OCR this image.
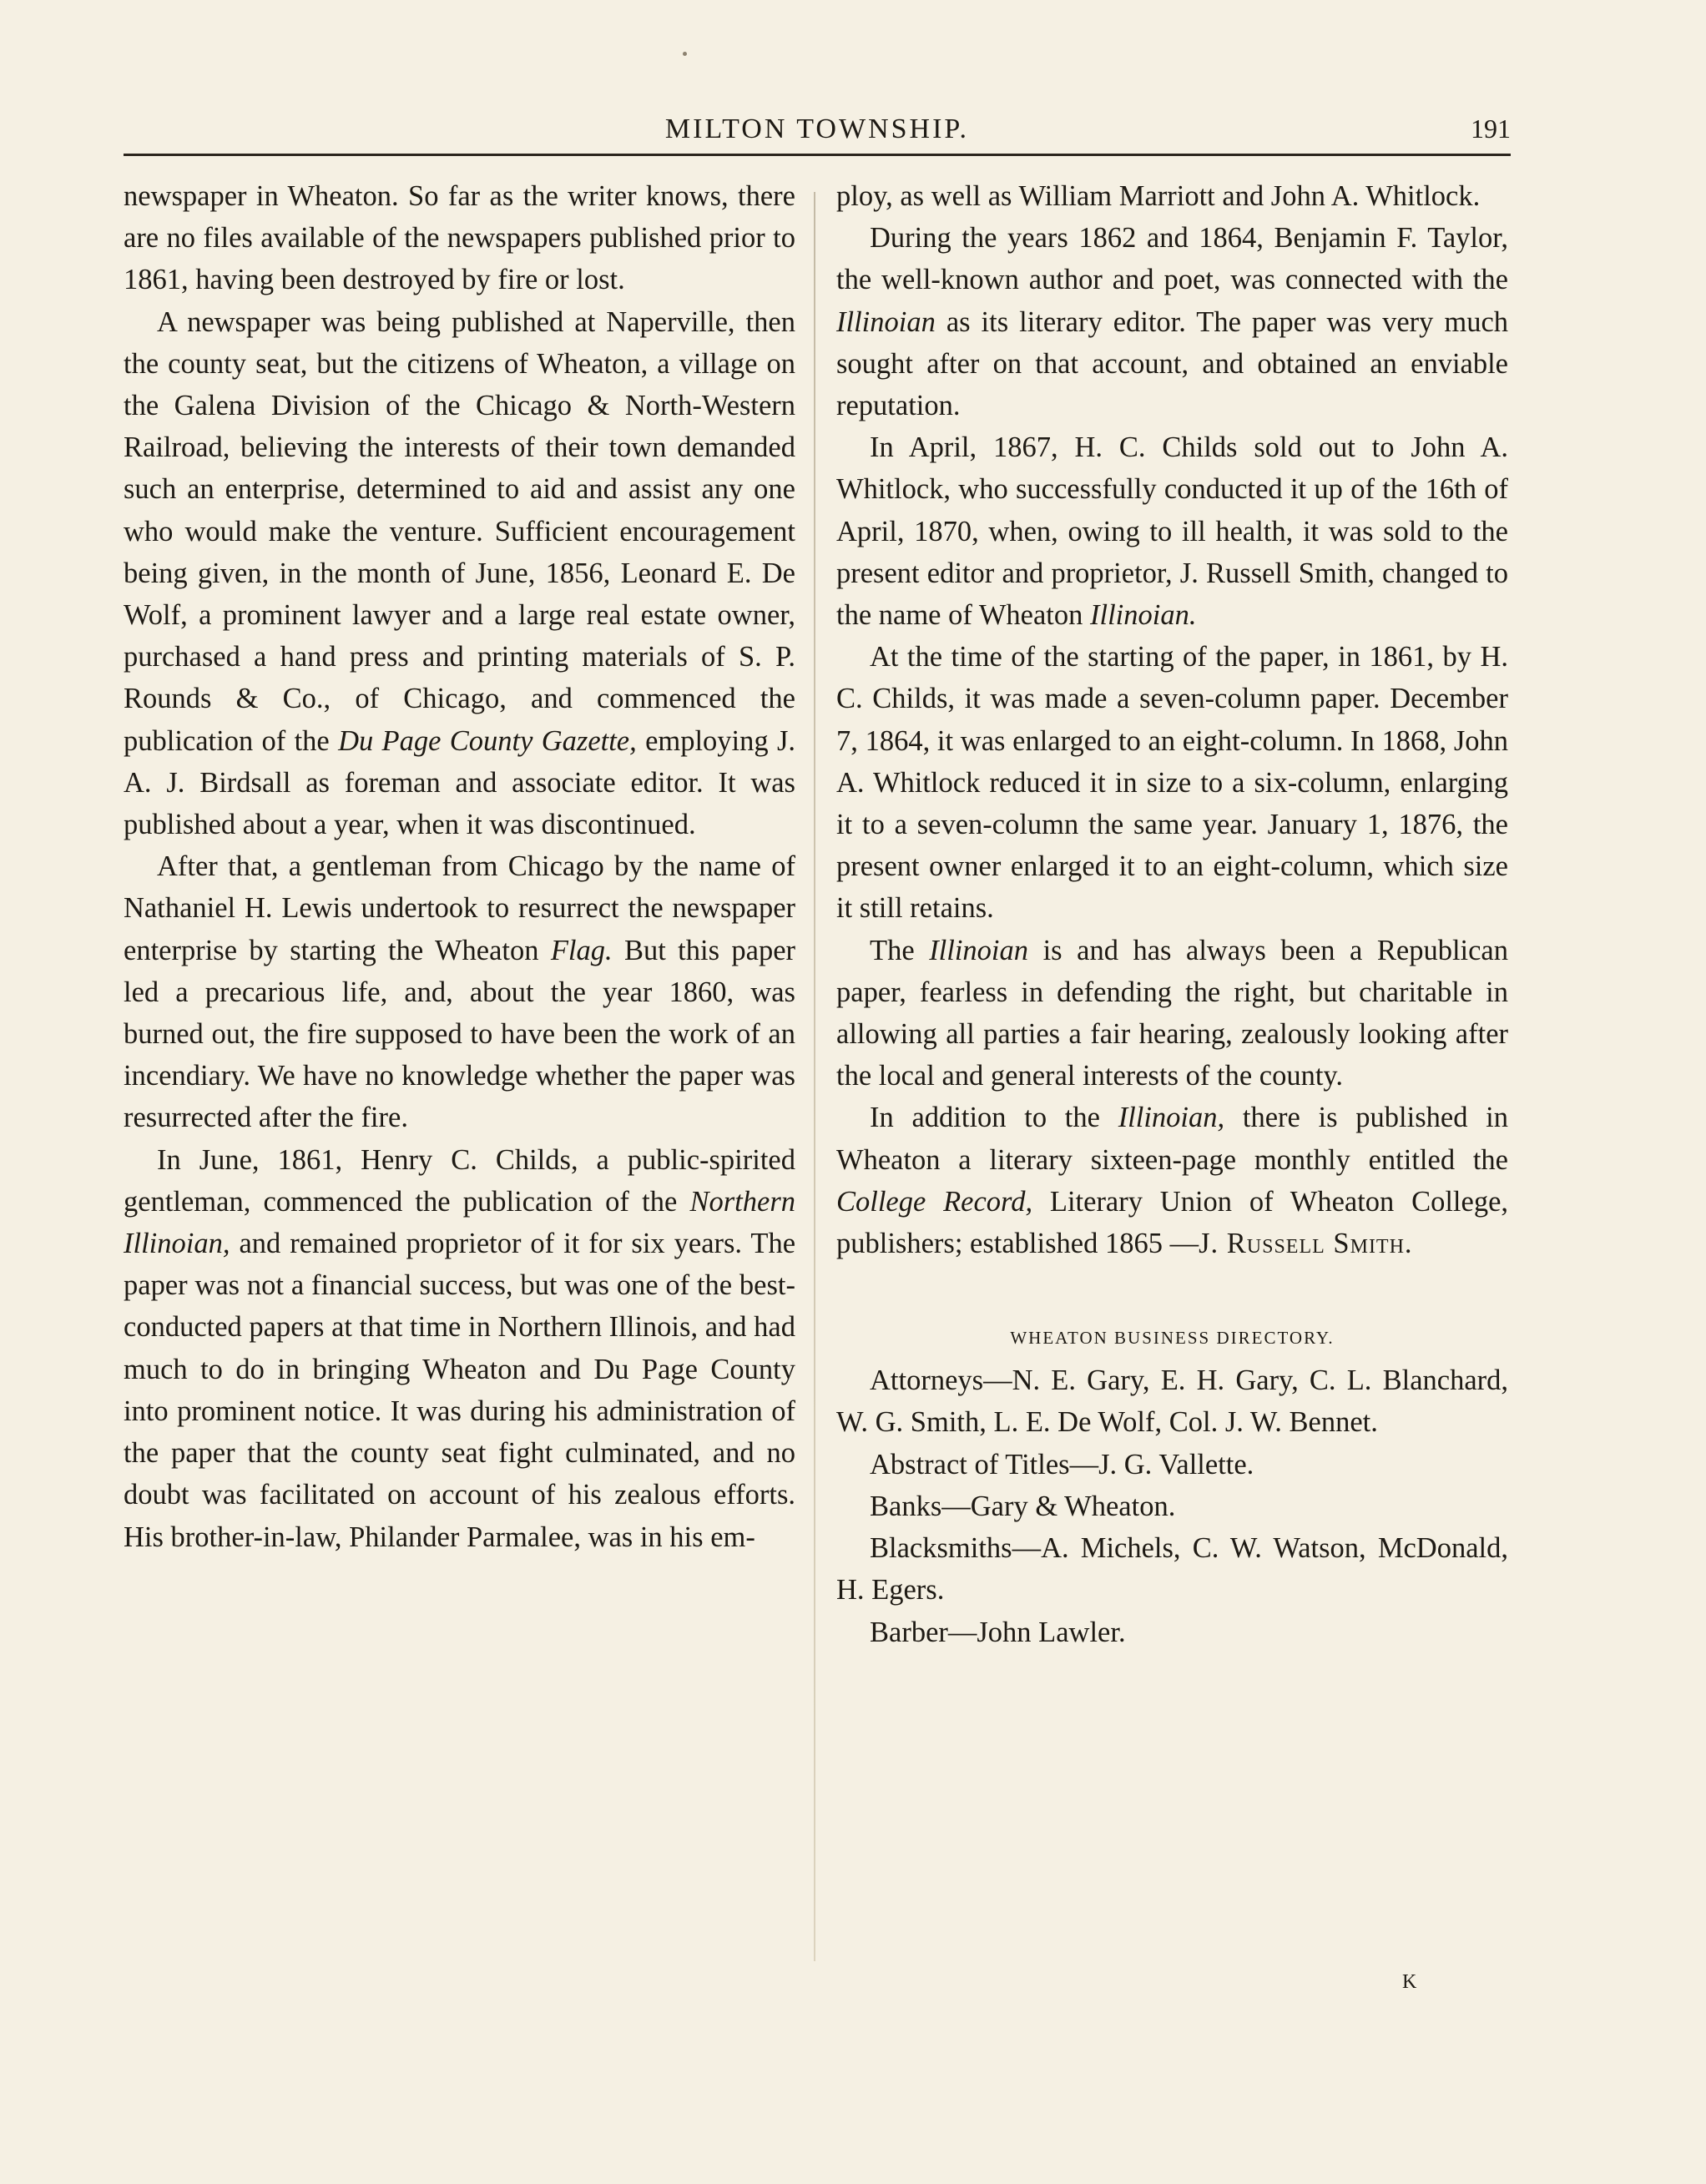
MILTON TOWNSHIP.	191

newspaper in Wheaton. So far as the writer knows, there are no files available of the newspapers published prior to 1861, having been destroyed by fire or lost.

A newspaper was being published at Naperville, then the county seat, but the citizens of Wheaton, a village on the Galena Division of the Chicago & North-Western Railroad, believing the interests of their town demanded such an enterprise, determined to aid and assist any one who would make the venture. Sufficient encouragement being given, in the month of June, 1856, Leonard E. De Wolf, a prominent lawyer and a large real estate owner, purchased a hand press and printing materials of S. P. Rounds & Co., of Chicago, and commenced the publication of the Du Page County Gazette, employing J. A. J. Birdsall as foreman and associate editor. It was published about a year, when it was discontinued.

After that, a gentleman from Chicago by the name of Nathaniel H. Lewis undertook to resurrect the newspaper enterprise by starting the Wheaton Flag. But this paper led a precarious life, and, about the year 1860, was burned out, the fire supposed to have been the work of an incendiary. We have no knowledge whether the paper was resurrected after the fire.

In June, 1861, Henry C. Childs, a public-spirited gentleman, commenced the publication of the Northern Illinoian, and remained proprietor of it for six years. The paper was not a financial success, but was one of the best-conducted papers at that time in Northern Illinois, and had much to do in bringing Wheaton and Du Page County into prominent notice. It was during his administration of the paper that the county seat fight culminated, and no doubt was facilitated on account of his zealous efforts. His brother-in-law, Philander Parmalee, was in his em-

ploy, as well as William Marriott and John A. Whitlock.

During the years 1862 and 1864, Benjamin F. Taylor, the well-known author and poet, was connected with the Illinoian as its literary editor. The paper was very much sought after on that account, and obtained an enviable reputation.

In April, 1867, H. C. Childs sold out to John A. Whitlock, who successfully conducted it up of the 16th of April, 1870, when, owing to ill health, it was sold to the present editor and proprietor, J. Russell Smith, changed to the name of Wheaton Illinoian.

At the time of the starting of the paper, in 1861, by H. C. Childs, it was made a seven-column paper. December 7, 1864, it was enlarged to an eight-column. In 1868, John A. Whitlock reduced it in size to a six-column, enlarging it to a seven-column the same year. January 1, 1876, the present owner enlarged it to an eight-column, which size it still retains.

The Illinoian is and has always been a Republican paper, fearless in defending the right, but charitable in allowing all parties a fair hearing, zealously looking after the local and general interests of the county.

In addition to the Illinoian, there is published in Wheaton a literary sixteen-page monthly entitled the College Record, Literary Union of Wheaton College, publishers; established 1865 —J. Russell Smith.

WHEATON BUSINESS DIRECTORY.

Attorneys—N. E. Gary, E. H. Gary, C. L. Blanchard, W. G. Smith, L. E. De Wolf, Col. J. W. Bennet.

Abstract of Titles—J. G. Vallette.

Banks—Gary & Wheaton.

Blacksmiths—A. Michels, C. W. Watson, McDonald, H. Egers.

Barber—John Lawler.

K
